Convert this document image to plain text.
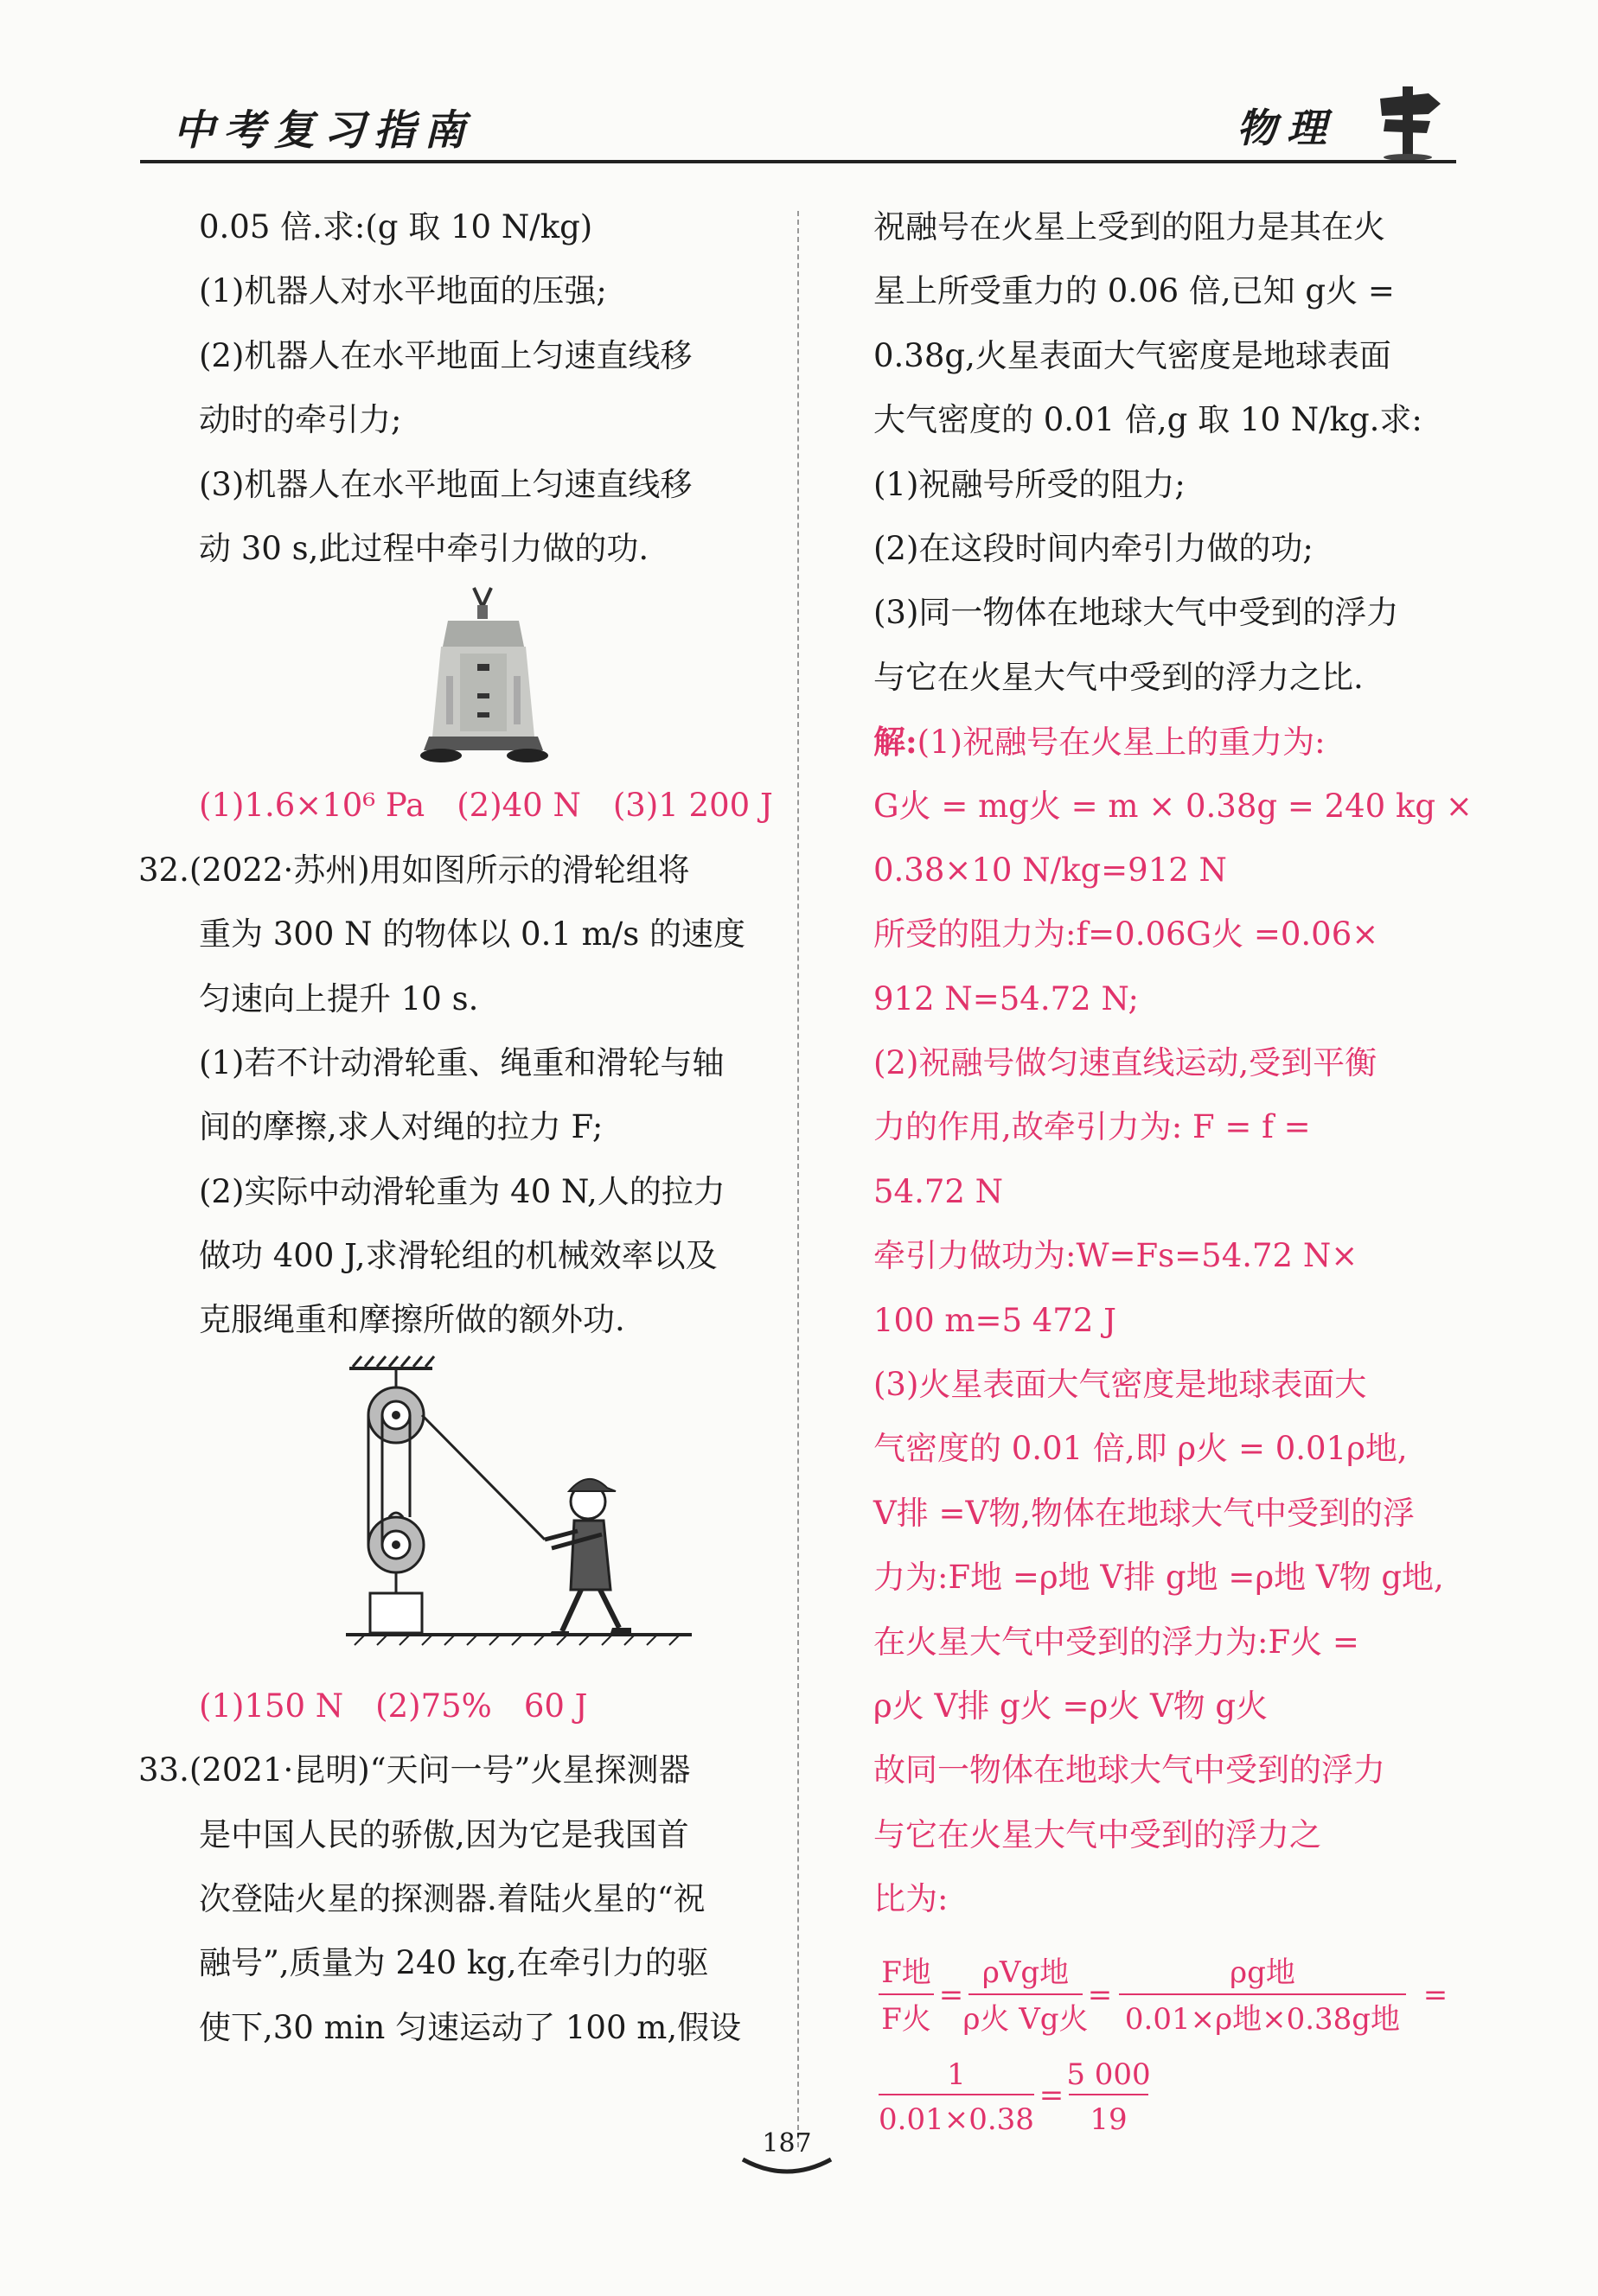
中考复习指南	物理
0.05 倍.求:(g 取 10 N/kg)
(1)机器人对水平地面的压强;
(2)机器人在水平地面上匀速直线移
动时的牵引力;
(3)机器人在水平地面上匀速直线移
动 30 s,此过程中牵引力做的功.
(1)1.6×10⁶ Pa　(2)40 N　(3)1 200 J
32.(2022·苏州)用如图所示的滑轮组将
重为 300 N 的物体以 0.1 m/s 的速度
匀速向上提升 10 s.
(1)若不计动滑轮重、绳重和滑轮与轴
间的摩擦,求人对绳的拉力 F;
(2)实际中动滑轮重为 40 N,人的拉力
做功 400 J,求滑轮组的机械效率以及
克服绳重和摩擦所做的额外功.
(1)150 N　(2)75%　60 J
33.(2021·昆明)“天问一号”火星探测器
是中国人民的骄傲,因为它是我国首
次登陆火星的探测器.着陆火星的“祝
融号”,质量为 240 kg,在牵引力的驱
使下,30 min 匀速运动了 100 m,假设
祝融号在火星上受到的阻力是其在火
星上所受重力的 0.06 倍,已知 g火 =
0.38g,火星表面大气密度是地球表面
大气密度的 0.01 倍,g 取 10 N/kg.求:
(1)祝融号所受的阻力;
(2)在这段时间内牵引力做的功;
(3)同一物体在地球大气中受到的浮力
与它在火星大气中受到的浮力之比.
解:(1)祝融号在火星上的重力为:
G火 = mg火 = m × 0.38g = 240 kg ×
0.38×10 N/kg=912 N
所受的阻力为:f=0.06G火 =0.06×
912 N=54.72 N;
(2)祝融号做匀速直线运动,受到平衡
力的作用,故牵引力为: F = f =
54.72 N
牵引力做功为:W=Fs=54.72 N×
100 m=5 472 J
(3)火星表面大气密度是地球表面大
气密度的 0.01 倍,即 ρ火 = 0.01ρ地,
V排 =V物,物体在地球大气中受到的浮
力为:F地 =ρ地 V排 g地 =ρ地 V物 g地,
在火星大气中受到的浮力为:F火 =
ρ火 V排 g火 =ρ火 V物 g火
故同一物体在地球大气中受到的浮力
与它在火星大气中受到的浮力之
比为:
F地
F火
=
ρVg地
ρ火 Vg火
=
ρg地
0.01×ρ地×0.38g地
=
1
0.01×0.38
=
5 000
19
187
